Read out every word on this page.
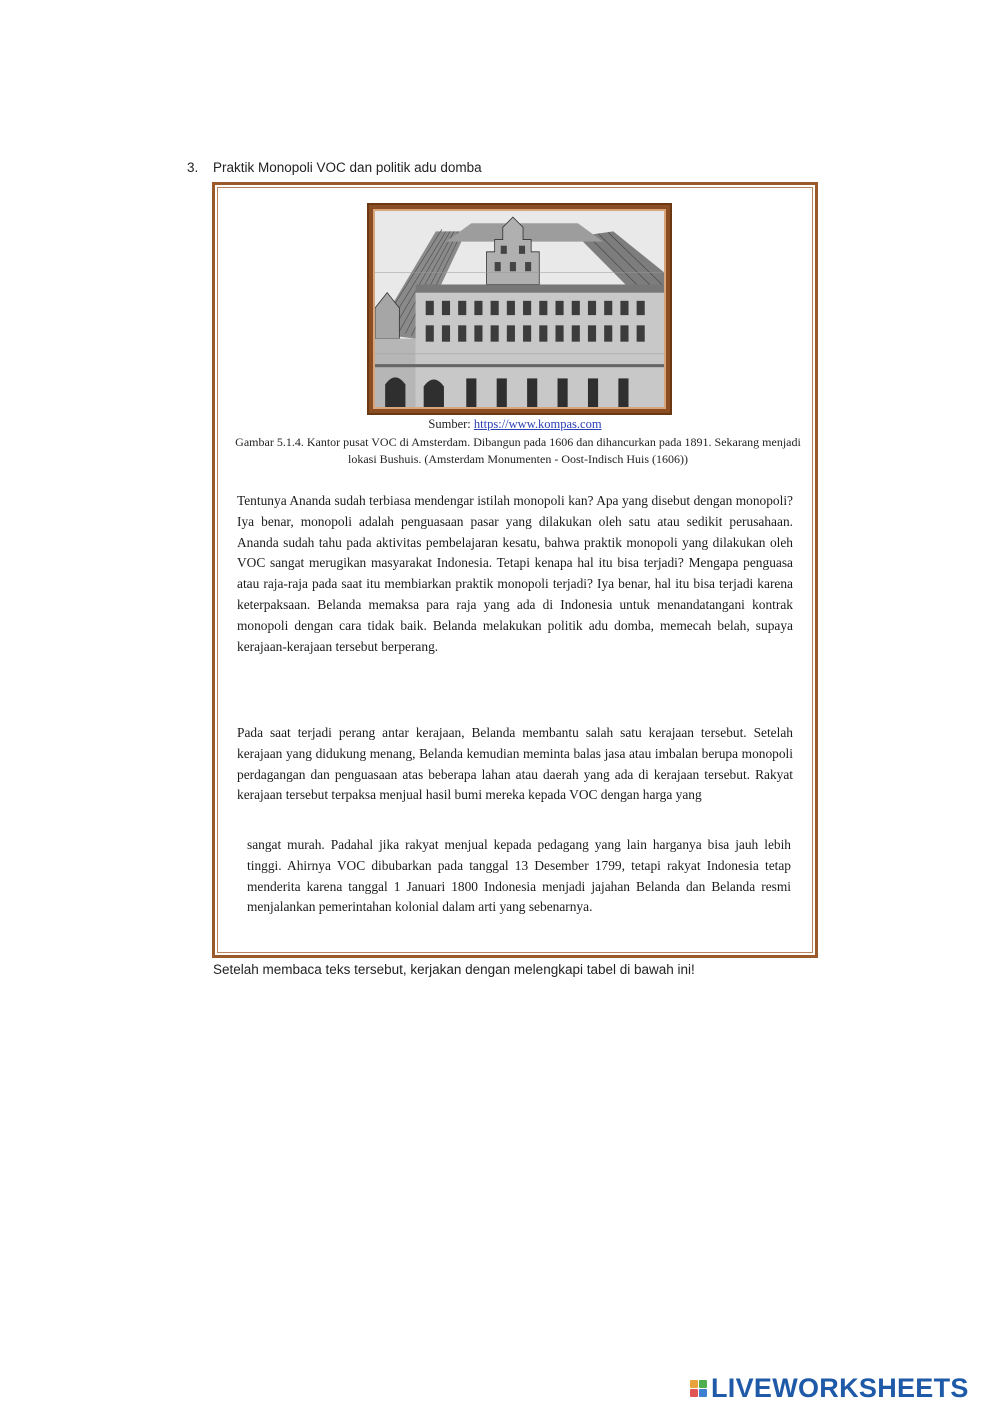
3. Praktik Monopoli VOC dan politik adu domba
Sumber: https://www.kompas.com
Gambar 5.1.4. Kantor pusat VOC di Amsterdam. Dibangun pada 1606 dan dihancurkan pada 1891. Sekarang menjadi lokasi Bushuis. (Amsterdam Monumenten - Oost-Indisch Huis (1606))

Tentunya Ananda sudah terbiasa mendengar istilah monopoli kan? Apa yang disebut dengan monopoli? Iya benar, monopoli adalah penguasaan pasar yang dilakukan oleh satu atau sedikit perusahaan. Ananda sudah tahu pada aktivitas pembelajaran kesatu, bahwa praktik monopoli yang dilakukan oleh VOC sangat merugikan masyarakat Indonesia. Tetapi kenapa hal itu bisa terjadi? Mengapa penguasa atau raja-raja pada saat itu membiarkan praktik monopoli terjadi? Iya benar, hal itu bisa terjadi karena keterpaksaan. Belanda memaksa para raja yang ada di Indonesia untuk menandatangani kontrak monopoli dengan cara tidak baik. Belanda melakukan politik adu domba, memecah belah, supaya kerajaan-kerajaan tersebut berperang.

Pada saat terjadi perang antar kerajaan, Belanda membantu salah satu kerajaan tersebut. Setelah kerajaan yang didukung menang, Belanda kemudian meminta balas jasa atau imbalan berupa monopoli perdagangan dan penguasaan atas beberapa lahan atau daerah yang ada di kerajaan tersebut. Rakyat kerajaan tersebut terpaksa menjual hasil bumi mereka kepada VOC dengan harga yang

sangat murah. Padahal jika rakyat menjual kepada pedagang yang lain harganya bisa jauh lebih tinggi. Ahirnya VOC dibubarkan pada tanggal 13 Desember 1799, tetapi rakyat Indonesia tetap menderita karena tanggal 1 Januari 1800 Indonesia menjadi jajahan Belanda dan Belanda resmi menjalankan pemerintahan kolonial dalam arti yang sebenarnya.

Setelah membaca teks tersebut, kerjakan dengan melengkapi tabel di bawah ini!
LIVEWORKSHEETS
